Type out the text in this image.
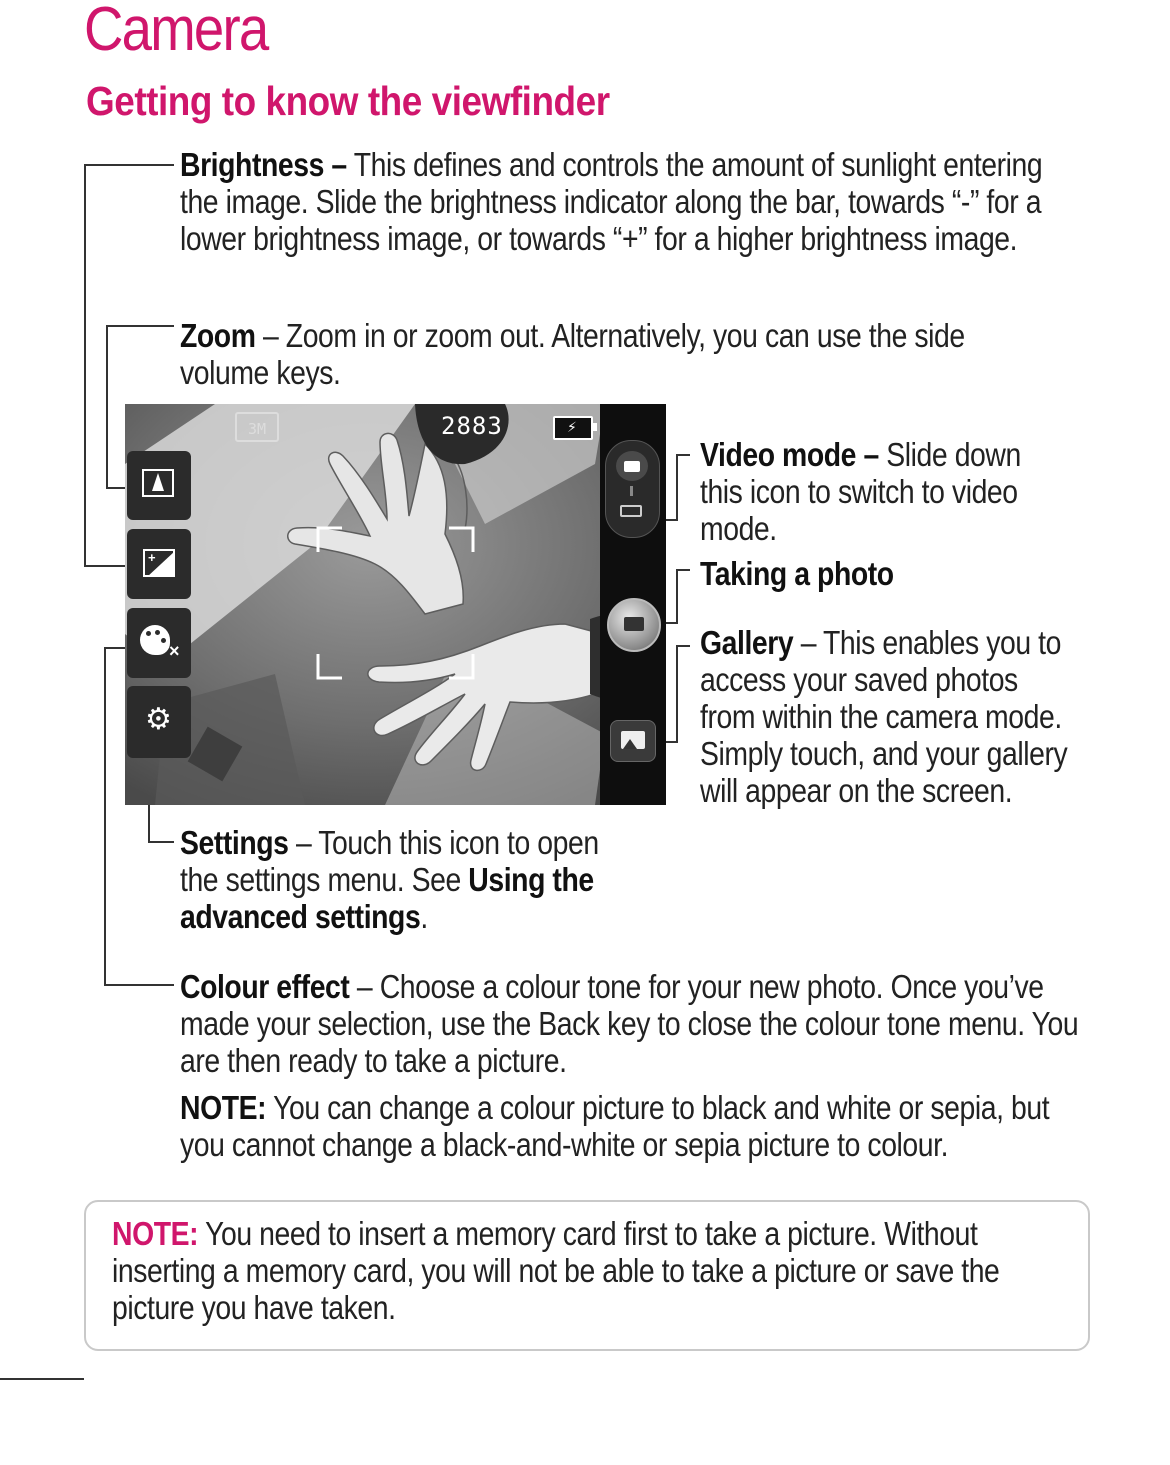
Camera
Getting to know the viewfinder
Brightness – This defines and controls the amount of sunlight entering the image. Slide the brightness indicator along the bar, towards “-” for a lower brightness image, or towards “+” for a higher brightness image.
Zoom – Zoom in or zoom out. Alternatively, you can use the side volume keys.
Video mode – Slide down this icon to switch to video mode.
Taking a photo
Gallery – This enables you to access your saved photos from within the camera mode. Simply touch, and your gallery will appear on the screen.
Settings – Touch this icon to open the settings menu. See Using the advanced settings.
Colour effect – Choose a colour tone for your new photo. Once you’ve made your selection, use the Back key to close the colour tone menu. You are then ready to take a picture.
NOTE: You can change a colour picture to black and white or sepia, but you cannot change a black-and-white or sepia picture to colour.
3M	2883	⚡
+
×
⚙
NOTE: You need to insert a memory card first to take a picture. Without inserting a memory card, you will not be able to take a picture or save the picture you have taken.
